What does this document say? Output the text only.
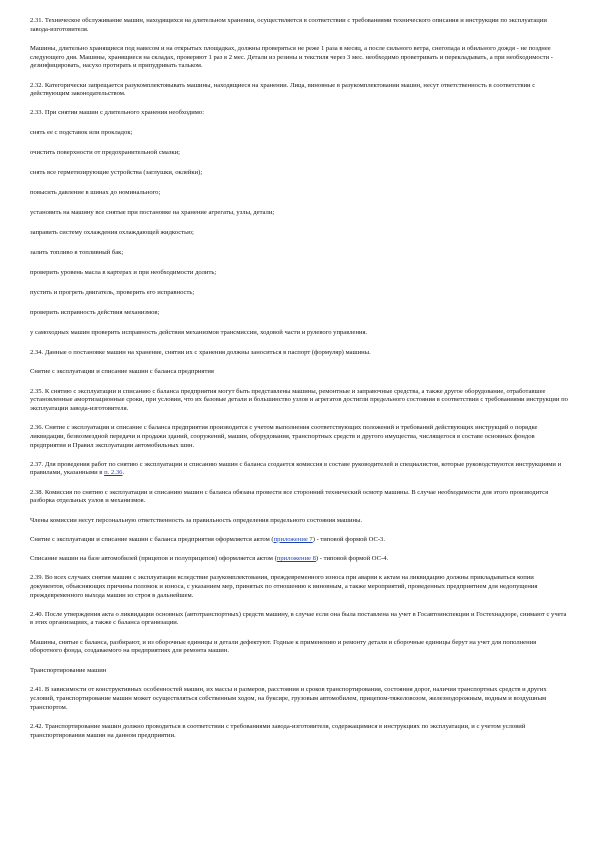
2.31. Техническое обслуживание машин, находящихся на длительном хранении, осуществляется в соответствии с требованиями технического описания и инструкции по эксплуатации завода-изготовителя.

Машины, длительно хранящиеся под навесом и на открытых площадках, должны проверяться не реже 1 раза в месяц, а после сильного ветра, снегопада и обильного дождя - не позднее следующего дня. Машины, хранящиеся на складах, проверяют 1 раз в 2 мес. Детали из резины и текстиля через 3 мес. необходимо проветривать и перекладывать, а при необходимости - дезинфицировать, насухо протирать и припудривать тальком.

2.32. Категорически запрещается разукомплектовывать машины, находящиеся на хранении. Лица, виновные в разукомплектовании машин, несут ответственность в соответствии с действующим законодательством.

2.33. При снятии машин с длительного хранения необходимо:

снять ее с подставок или прокладок;

очистить поверхности от предохранительной смазки;

снять все герметизирующие устройства (заглушки, оклейки);

повысить давление в шинах до номинального;

установить на машину все снятые при постановке на хранение агрегаты, узлы, детали;

заправить систему охлаждения охлаждающей жидкостью;

залить топливо в топливный бак;

проверить уровень масла в картерах и при необходимости долить;

пустить и прогреть двигатель, проверить его исправность;

проверить исправность действия механизмов;

у самоходных машин проверить исправность действия механизмов трансмиссии, ходовой части и рулевого управления.

2.34. Данные о постановке машин на хранение, снятии их с хранения должны заноситься в паспорт (формуляр) машины.

Снятие с эксплуатации и списание машин с баланса предприятия

2.35. К снятию с эксплуатации и списанию с баланса предприятия могут быть представлены машины, ремонтные и заправочные средства, а также другое оборудование, отработавшее установленные амортизационные сроки, при условии, что их базовые детали и большинство узлов и агрегатов достигли предельного состояния в соответствии с требованиями инструкции по эксплуатации завода-изготовителя.

2.36. Снятие с эксплуатации и списание с баланса предприятия производится с учетом выполнения соответствующих положений и требований действующих инструкций о порядке ликвидации, безвозмездной передачи и продажи зданий, сооружений, машин, оборудования, транспортных средств и другого имущества, числящегося в составе основных фондов предприятия и Правил эксплуатации автомобильных шин.

2.37. Для проведения работ по снятию с эксплуатации и списанию машин с баланса создается комиссия в составе руководителей и специалистов, которые руководствуются инструкциями и правилами, указанными в п. 2.36.

2.38. Комиссия по снятию с эксплуатации и списанию машин с баланса обязана провести все сторонний технический осмотр машины. В случае необходимости для этого производится разборка отдельных узлов и механизмов.

Члены комиссии несут персональную ответственность за правильность определения предельного состояния машины.

Снятие с эксплуатации и списание машин с баланса предприятия оформляется актом (приложение 7) - типовой формой ОС-3.

Списание машин на базе автомобилей (прицепов и полуприцепов) оформляется актом (приложение 8) - типовой формой ОС-4.

2.39. Во всех случаях снятия машин с эксплуатации вследствие разукомплектования, преждевременного износа при аварии к актам на ликвидацию должны прикладываться копии документов, объясняющих причины поломок и износа, с указанием мер, принятых по отношению к виновным, а также мероприятий, проведенных предприятием для недопущения преждевременного выхода машин из строя в дальнейшем.

2.40. После утверждения акта о ликвидации основных (автотранспортных) средств машину, в случае если она была поставлена на учет в Госавтоинспекции и Гостехнадзоре, снимают с учета в этих организациях, а также с баланса организации.

Машины, снятые с баланса, разбирают, и из оборочные единицы и детали дефектуют. Годные к применению и ремонту детали и сборочные единицы берут на учет для пополнения оборотного фонда, создаваемого на предприятиях для ремонта машин.

Транспортирование машин

2.41. В зависимости от конструктивных особенностей машин, их массы и размеров, расстояния и сроков транспортирования, состояния дорог, наличия транспортных средств и других условий, транспортирование машин может осуществляться собственным ходом, на буксире, грузовым автомобилем, прицепом-тяжеловозом, железнодорожным, водным и воздушным транспортом.

2.42. Транспортирование машин должно проводиться в соответствии с требованиями завода-изготовителя, содержащимися в инструкциях по эксплуатации, и с учетом условий транспортирования машин на данном предприятии.
